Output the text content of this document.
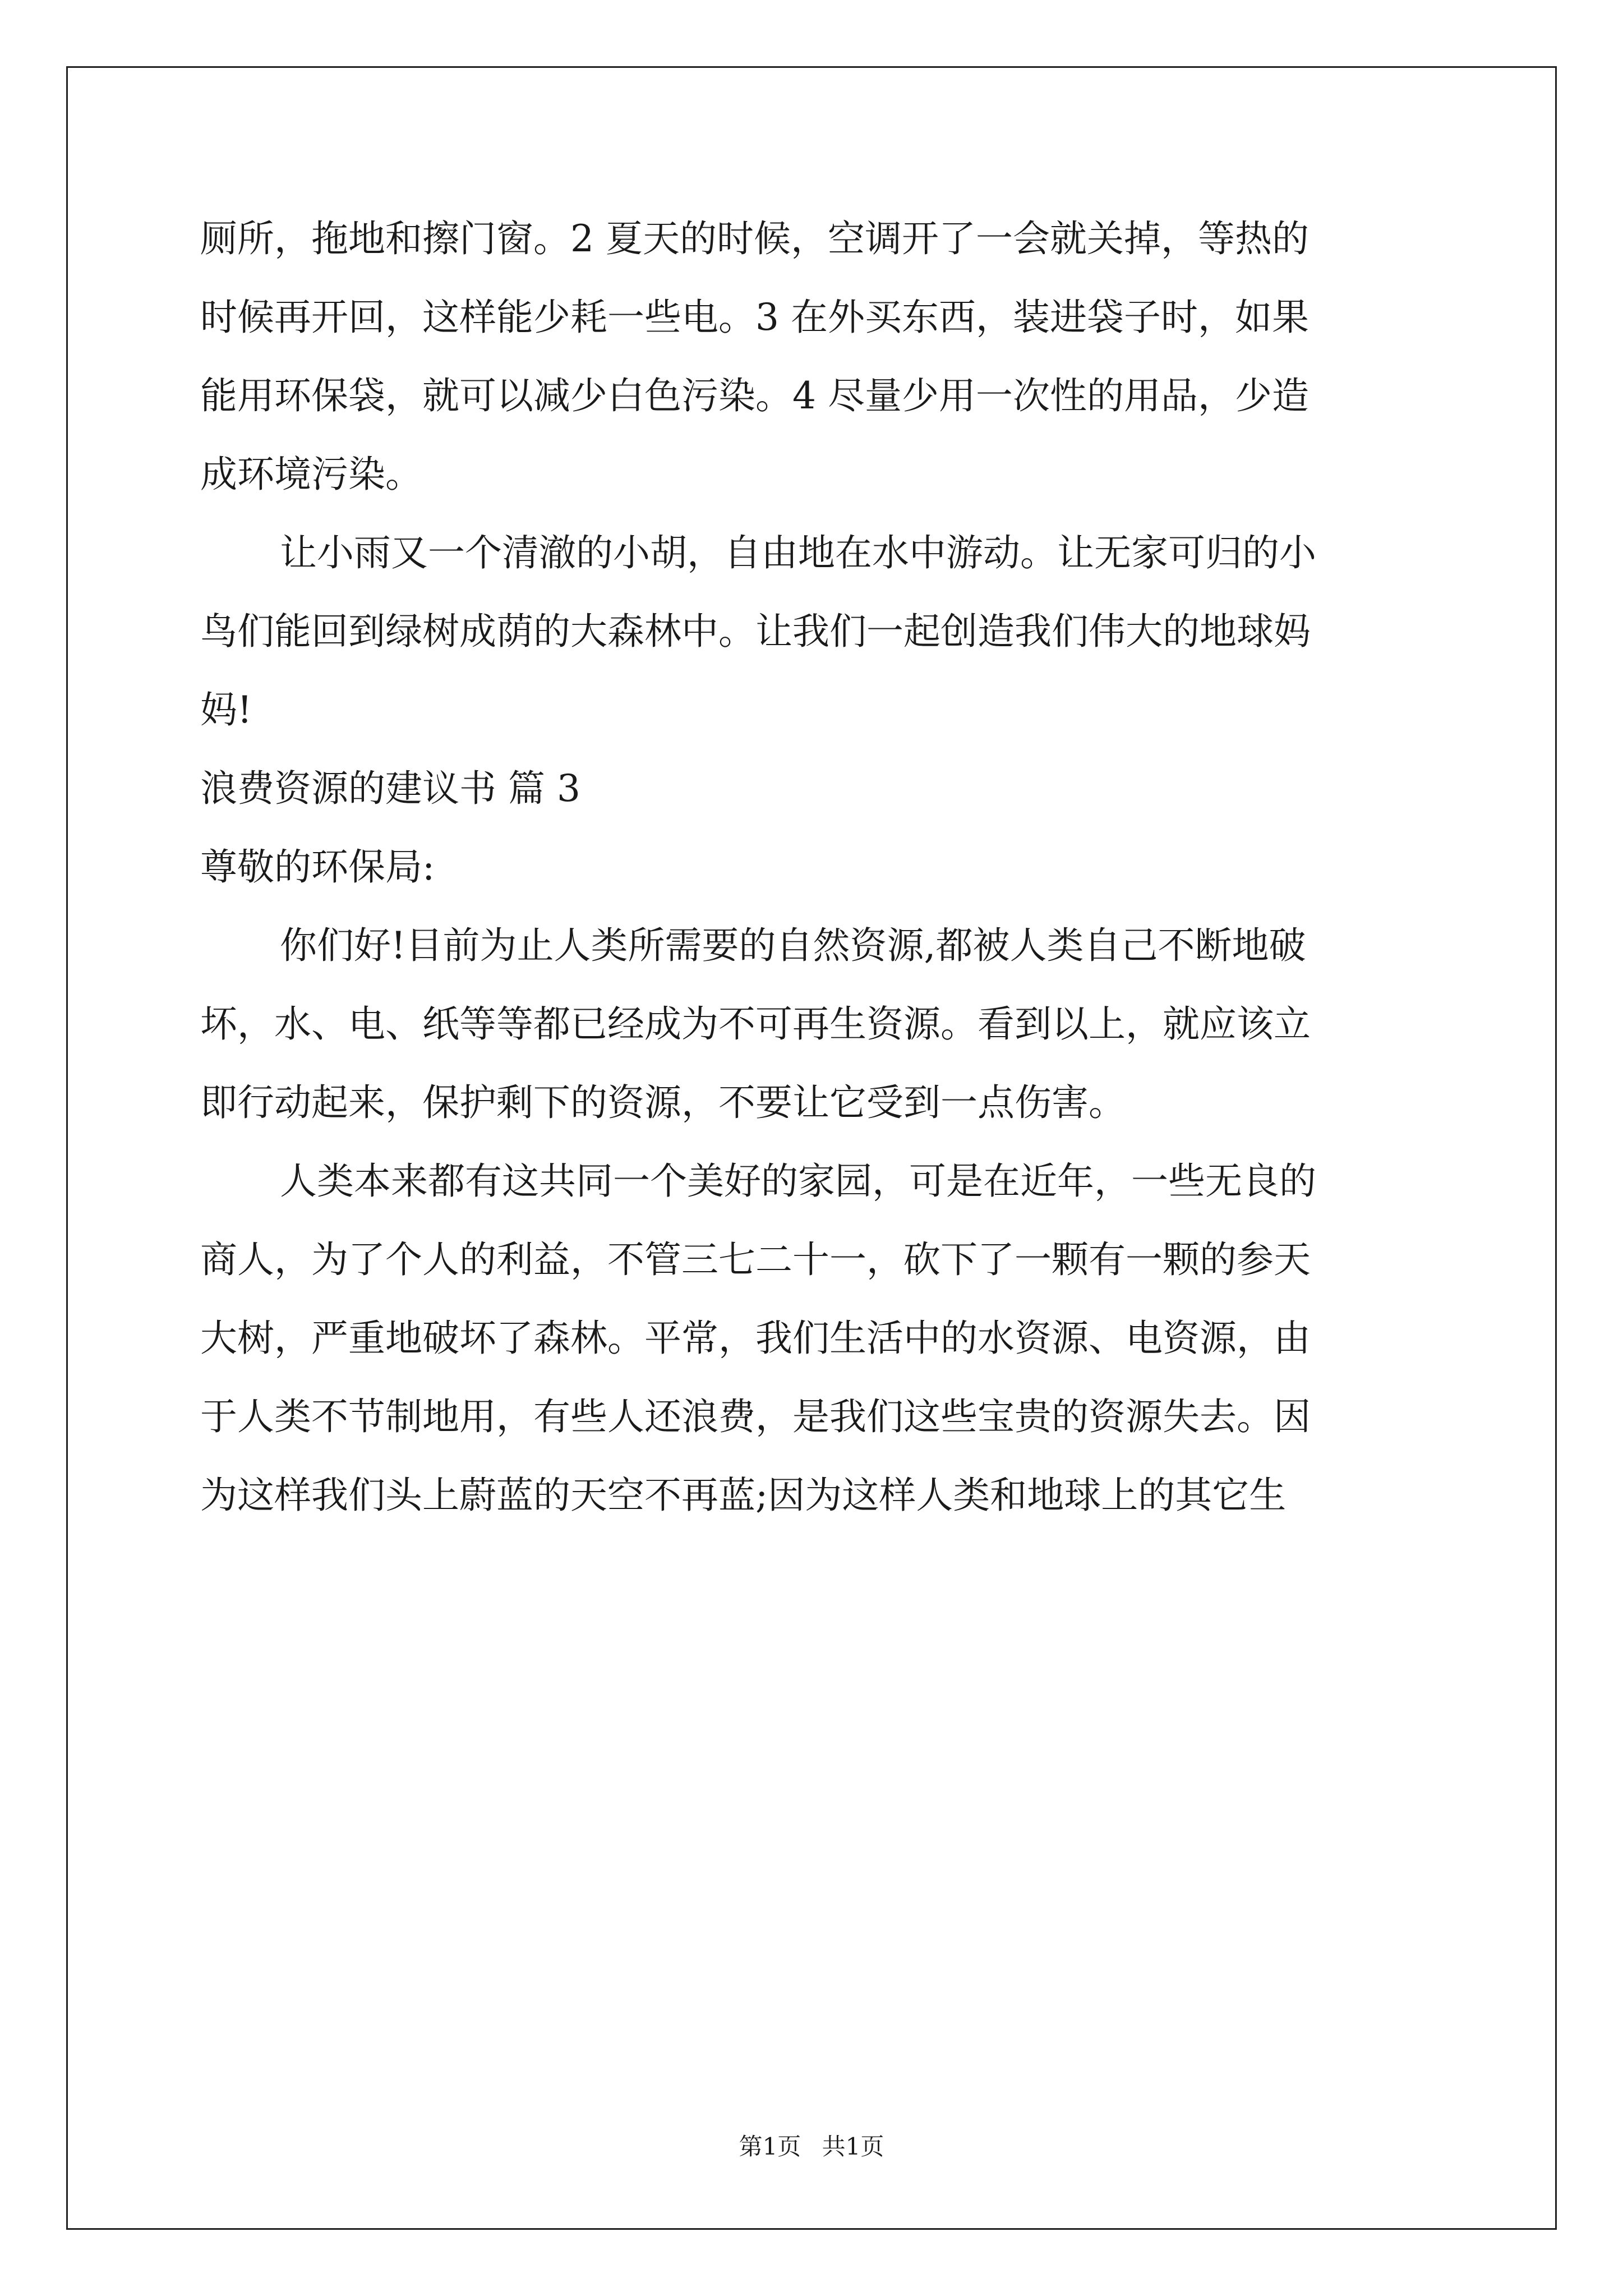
厕所，拖地和擦门窗。2 夏天的时候，空调开了一会就关掉，等热的
时候再开回，这样能少耗一些电。3 在外买东西，装进袋子时，如果
能用环保袋，就可以减少白色污染。4 尽量少用一次性的用品，少造
成环境污染。
让小雨又一个清澈的小胡，自由地在水中游动。让无家可归的小
鸟们能回到绿树成荫的大森林中。让我们一起创造我们伟大的地球妈
妈!
浪费资源的建议书 篇 3
尊敬的环保局:
你们好!目前为止人类所需要的自然资源,都被人类自己不断地破
坏，水、电、纸等等都已经成为不可再生资源。看到以上，就应该立
即行动起来，保护剩下的资源，不要让它受到一点伤害。
人类本来都有这共同一个美好的家园，可是在近年，一些无良的
商人，为了个人的利益，不管三七二十一，砍下了一颗有一颗的参天
大树，严重地破坏了森林。平常，我们生活中的水资源、电资源，由
于人类不节制地用，有些人还浪费，是我们这些宝贵的资源失去。因
为这样我们头上蔚蓝的天空不再蓝;因为这样人类和地球上的其它生
第1页 共1页
